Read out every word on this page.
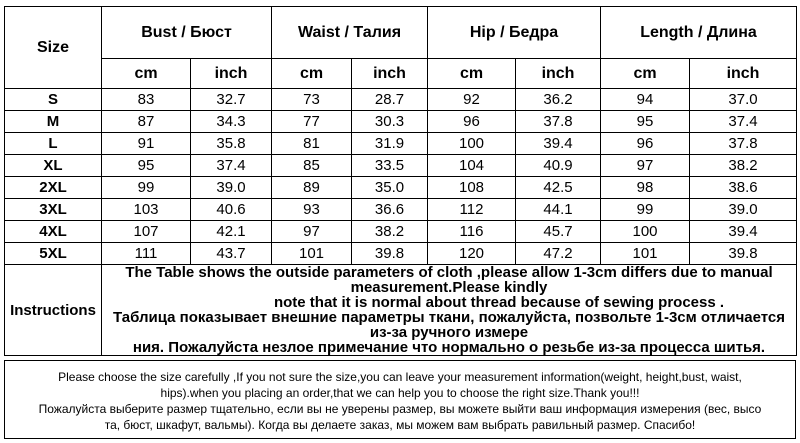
Size	Bust / Бюст		Waist / Талия		Hip / Бедра		Length / Длина	
	cm	inch	cm	inch	cm	inch	cm	inch
S	83	32.7	73	28.7	92	36.2	94	37.0
M	87	34.3	77	30.3	96	37.8	95	37.4
L	91	35.8	81	31.9	100	39.4	96	37.8
XL	95	37.4	85	33.5	104	40.9	97	38.2
2XL	99	39.0	89	35.0	108	42.5	98	38.6
3XL	103	40.6	93	36.6	112	44.1	99	39.0
4XL	107	42.1	97	38.2	116	45.7	100	39.4
5XL	111	43.7	101	39.8	120	47.2	101	39.8
Instructions	The Table shows the outside parameters of cloth ,please allow 1-3cm differs due to manual measurement.Please kindly

note that it is normal about thread because of sewing process .

Таблица показывает внешние параметры ткани, пожалуйста, позвольте 1-3см отличается из-за ручного измере

ния. Пожалуйста незлое примечание что нормально о резьбе из-за процесса шитья.							

Please choose the size carefully ,If you not sure the size,you can leave your measurement information(weight, height,bust, waist,

hips).when you placing an order,that we can help you to choose the right size.Thank you!!!

Пожалуйста выберите размер тщательно, если вы не уверены размер, вы можете выйти ваш информация измерения (вес, высо

та, бюст, шкафут, вальмы). Когда вы делаете заказ, мы можем вам выбрать равильный размер. Спасибо!
